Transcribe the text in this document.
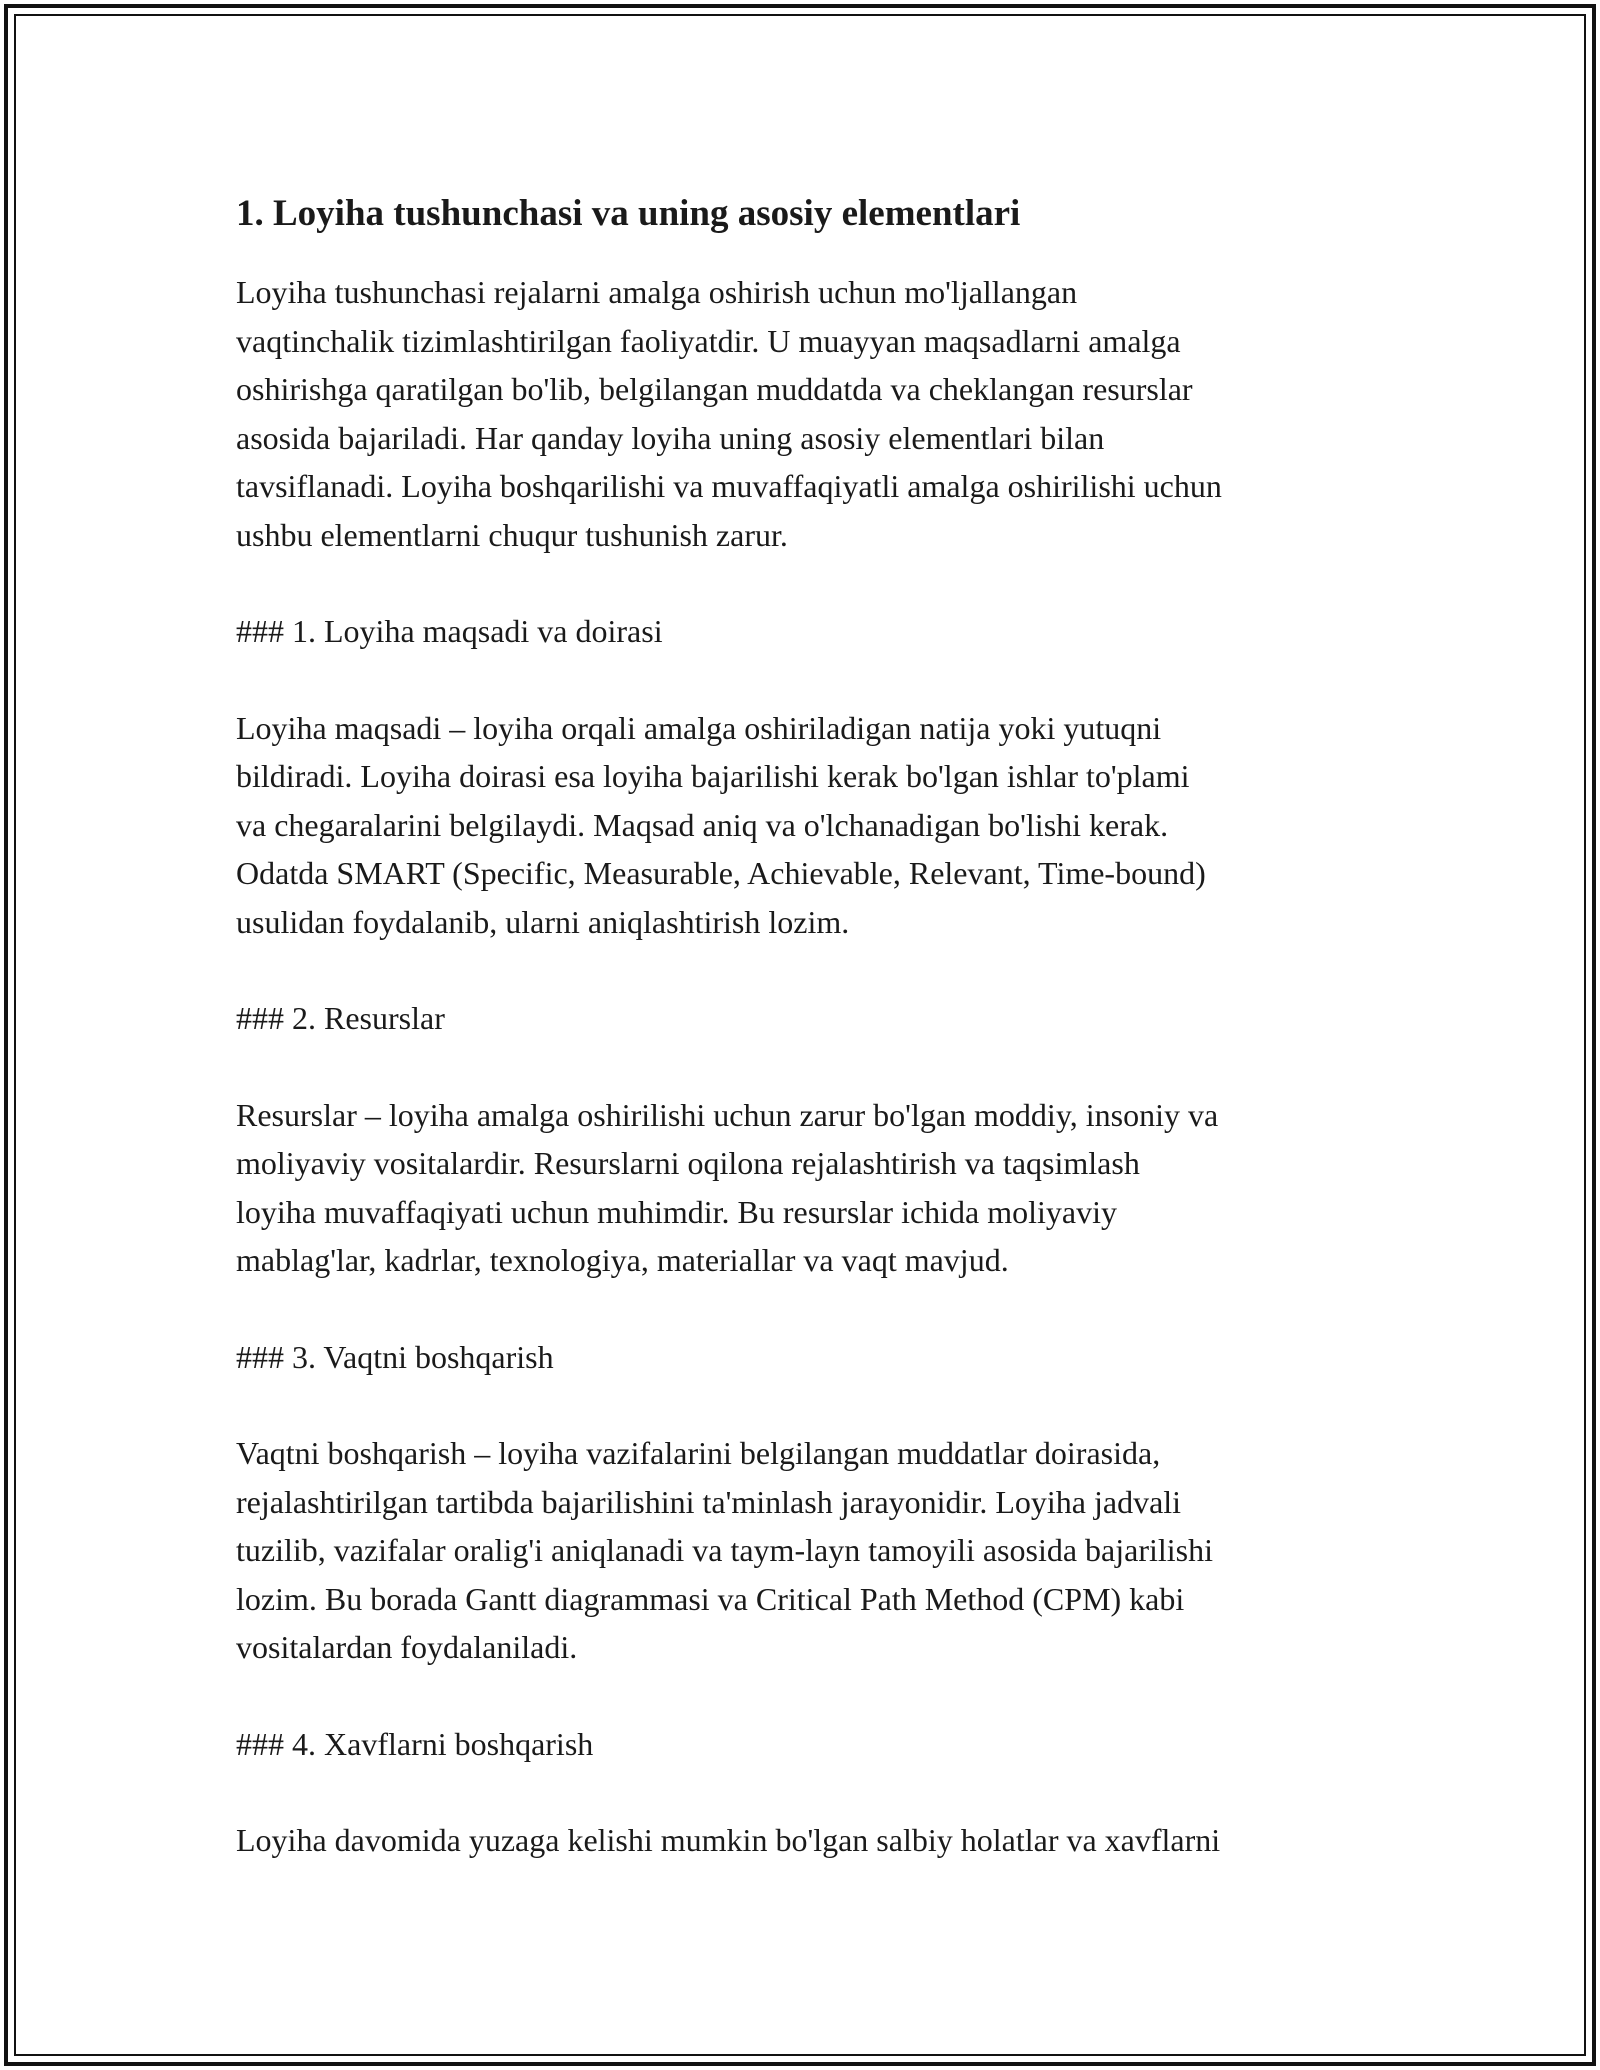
1. Loyiha tushunchasi va uning asosiy elementlari
Loyiha tushunchasi rejalarni amalga oshirish uchun mo'ljallangan
vaqtinchalik tizimlashtirilgan faoliyatdir. U muayyan maqsadlarni amalga
oshirishga qaratilgan bo'lib, belgilangan muddatda va cheklangan resurslar
asosida bajariladi. Har qanday loyiha uning asosiy elementlari bilan
tavsiflanadi. Loyiha boshqarilishi va muvaffaqiyatli amalga oshirilishi uchun
ushbu elementlarni chuqur tushunish zarur.
### 1. Loyiha maqsadi va doirasi
Loyiha maqsadi – loyiha orqali amalga oshiriladigan natija yoki yutuqni
bildiradi. Loyiha doirasi esa loyiha bajarilishi kerak bo'lgan ishlar to'plami
va chegaralarini belgilaydi. Maqsad aniq va o'lchanadigan bo'lishi kerak.
Odatda SMART (Specific, Measurable, Achievable, Relevant, Time-bound)
usulidan foydalanib, ularni aniqlashtirish lozim.
### 2. Resurslar
Resurslar – loyiha amalga oshirilishi uchun zarur bo'lgan moddiy, insoniy va
moliyaviy vositalardir. Resurslarni oqilona rejalashtirish va taqsimlash
loyiha muvaffaqiyati uchun muhimdir. Bu resurslar ichida moliyaviy
mablag'lar, kadrlar, texnologiya, materiallar va vaqt mavjud.
### 3. Vaqtni boshqarish
Vaqtni boshqarish – loyiha vazifalarini belgilangan muddatlar doirasida,
rejalashtirilgan tartibda bajarilishini ta'minlash jarayonidir. Loyiha jadvali
tuzilib, vazifalar oralig'i aniqlanadi va taym-layn tamoyili asosida bajarilishi
lozim. Bu borada Gantt diagrammasi va Critical Path Method (CPM) kabi
vositalardan foydalaniladi.
### 4. Xavflarni boshqarish
Loyiha davomida yuzaga kelishi mumkin bo'lgan salbiy holatlar va xavflarni
